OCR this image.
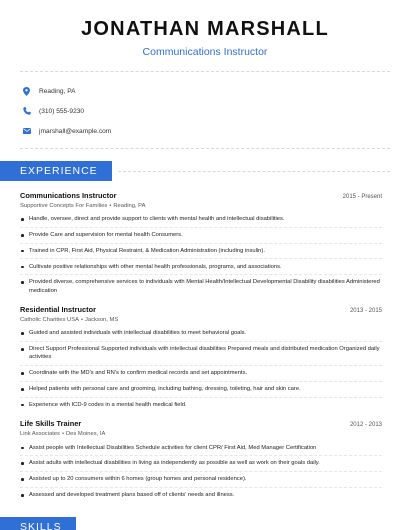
JONATHAN MARSHALL
Communications Instructor
Reading, PA
(310) 555-9230
jmarshall@example.com
EXPERIENCE
Communications Instructor	2015 - Present
Supportive Concepts For Families • Reading, PA
Handle, oversee, direct and provide support to clients with mental health and intellectual disabilities.
Provide Care and supervision for mental health Consumers.
Trained in CPR, First Aid, Physical Restraint, & Medication Administration (including insulin).
Cultivate positive relationships with other mental health professionals, programs, and associations.
Provided diverse, comprehensive services to individuals with Mental Health/Intellectual Developmental Disability disabilities Administered medication
Residential Instructor	2013 - 2015
Catholic Charities USA • Jackson, MS
Guided and assisted individuals with intellectual disabilities to meet behavioral goals.
Direct Support Professional Supported individuals with intellectual disabilities Prepared meals and distributed medication Organized daily activities
Coordinate with the MD's and RN's to confirm medical records and set appointments.
Helped patients with personal care and grooming, including bathing, dressing, toileting, hair and skin care.
Experience with ICD-9 codes in a mental health medical field.
Life Skills Trainer	2012 - 2013
Link Associates • Des Moines, IA
Assist people with Intellectual Disabilities Schedule activities for client CPR/ First Aid, Med Manager Certification
Assist adults with intellectual disabilities in living as independently as possible as well as work on their goals daily.
Assisted up to 20 consumers within 6 homes (group homes and personal residence).
Assessed and developed treatment plans based off of clients' needs and illness.
SKILLS
